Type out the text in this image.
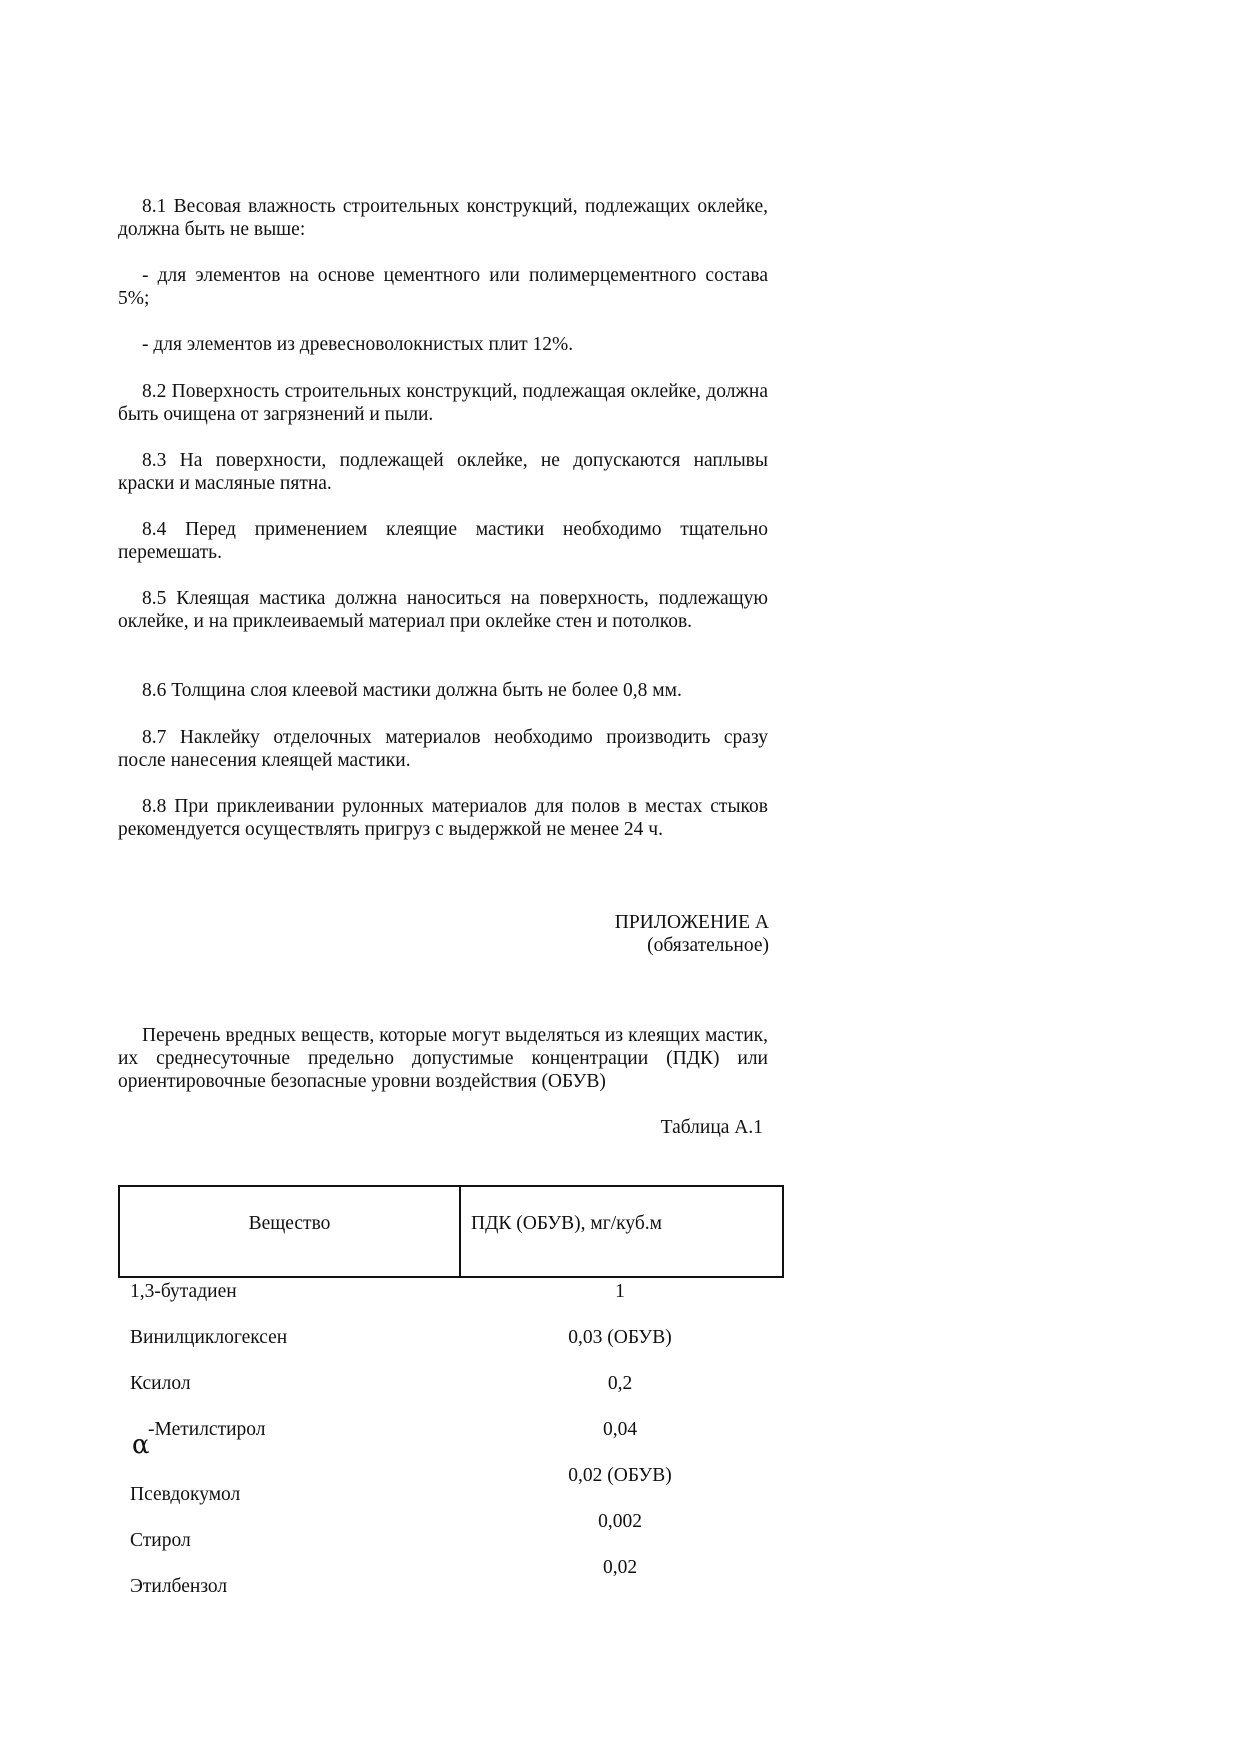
8.1 Весовая влажность строительных конструкций, подлежащих оклейке, должна быть не выше:

- для элементов на основе цементного или полимерцементного состава 5%;

- для элементов из древесноволокнистых плит 12%.

8.2 Поверхность строительных конструкций, подлежащая оклейке, должна быть очищена от загрязнений и пыли.

8.3 На поверхности, подлежащей оклейке, не допускаются наплывы краски и масляные пятна.

8.4 Перед применением клеящие мастики необходимо тщательно перемешать.

8.5 Клеящая мастика должна наноситься на поверхность, подлежащую оклейке, и на приклеиваемый материал при оклейке стен и потолков.

8.6 Толщина слоя клеевой мастики должна быть не более 0,8 мм.

8.7 Наклейку отделочных материалов необходимо производить сразу после нанесения клеящей мастики.

8.8 При приклеивании рулонных материалов для полов в местах стыков рекомендуется осуществлять пригруз с выдержкой не менее 24 ч.

ПРИЛОЖЕНИЕ А

(обязательное)

Перечень вредных веществ, которые могут выделяться из клеящих мастик, их среднесуточные предельно допустимые концентрации (ПДК) или ориентировочные безопасные уровни воздействия (ОБУВ)

Таблица А.1

Вещество	ПДК (ОБУВ), мг/куб.м
1,3-бутадиен
Винилциклогексен
Ксилол
α
-Метилстирол
Псевдокумол
Стирол
Этилбензол
1
0,03 (ОБУВ)
0,2
0,04
0,02 (ОБУВ)
0,002
0,02
